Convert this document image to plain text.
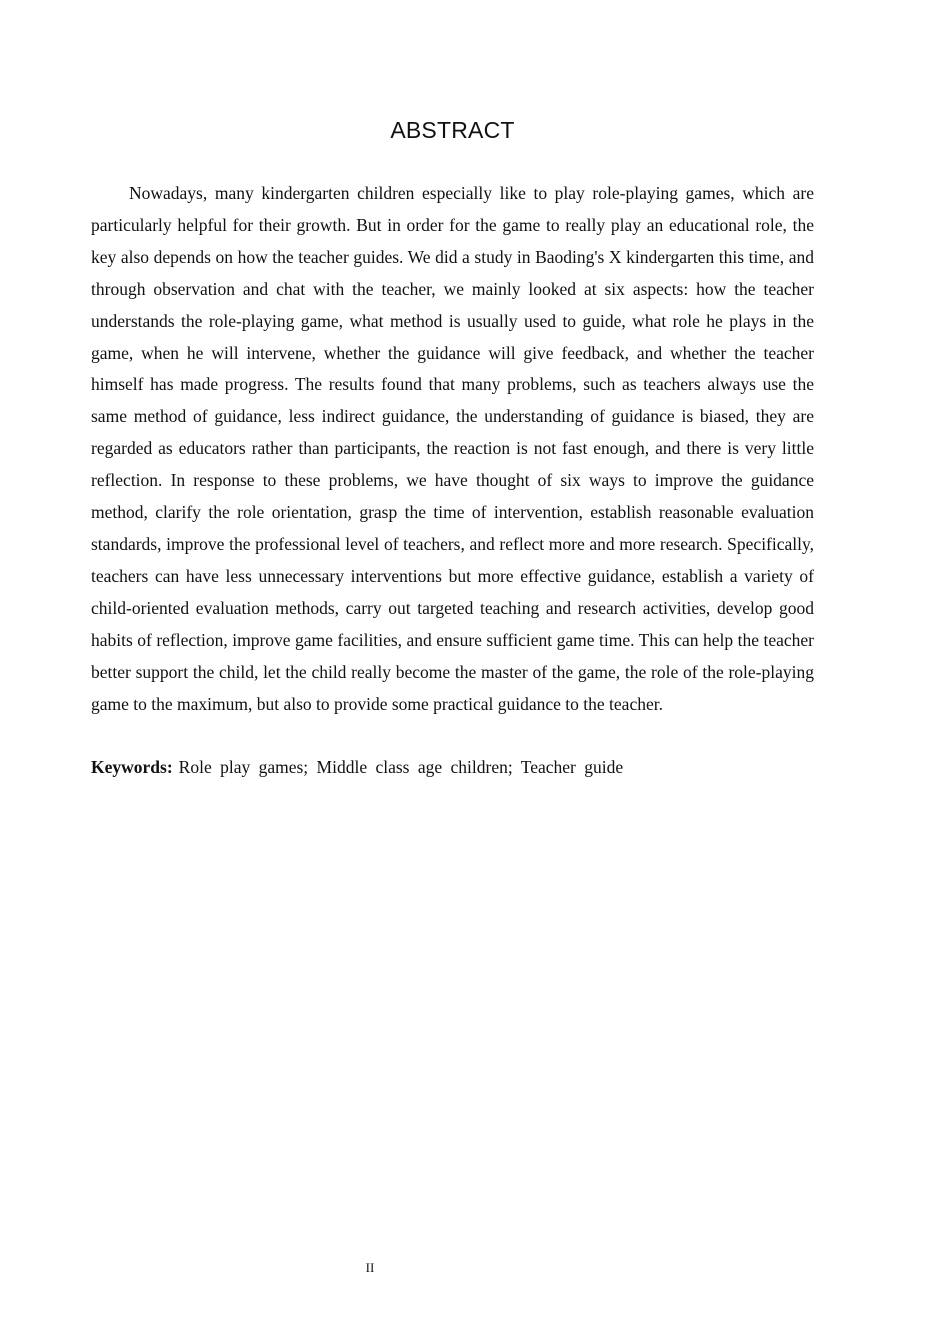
ABSTRACT

Nowadays, many kindergarten children especially like to play role-playing games, which are particularly helpful for their growth. But in order for the game to really play an educational role, the key also depends on how the teacher guides. We did a study in Baoding's X kindergarten this time, and through observation and chat with the teacher, we mainly looked at six aspects: how the teacher understands the role-playing game, what method is usually used to guide, what role he plays in the game, when he will intervene, whether the guidance will give feedback, and whether the teacher himself has made progress. The results found that many problems, such as teachers always use the same method of guidance, less indirect guidance, the understanding of guidance is biased, they are regarded as educators rather than participants, the reaction is not fast enough, and there is very little reflection. In response to these problems, we have thought of six ways to improve the guidance method, clarify the role orientation, grasp the time of intervention, establish reasonable evaluation standards, improve the professional level of teachers, and reflect more and more research. Specifically, teachers can have less unnecessary interventions but more effective guidance, establish a variety of child-oriented evaluation methods, carry out targeted teaching and research activities, develop good habits of reflection, improve game facilities, and ensure sufficient game time. This can help the teacher better support the child, let the child really become the master of the game, the role of the role-playing game to the maximum, but also to provide some practical guidance to the teacher.

Keywords: Role play games; Middle class age children; Teacher guide

II
